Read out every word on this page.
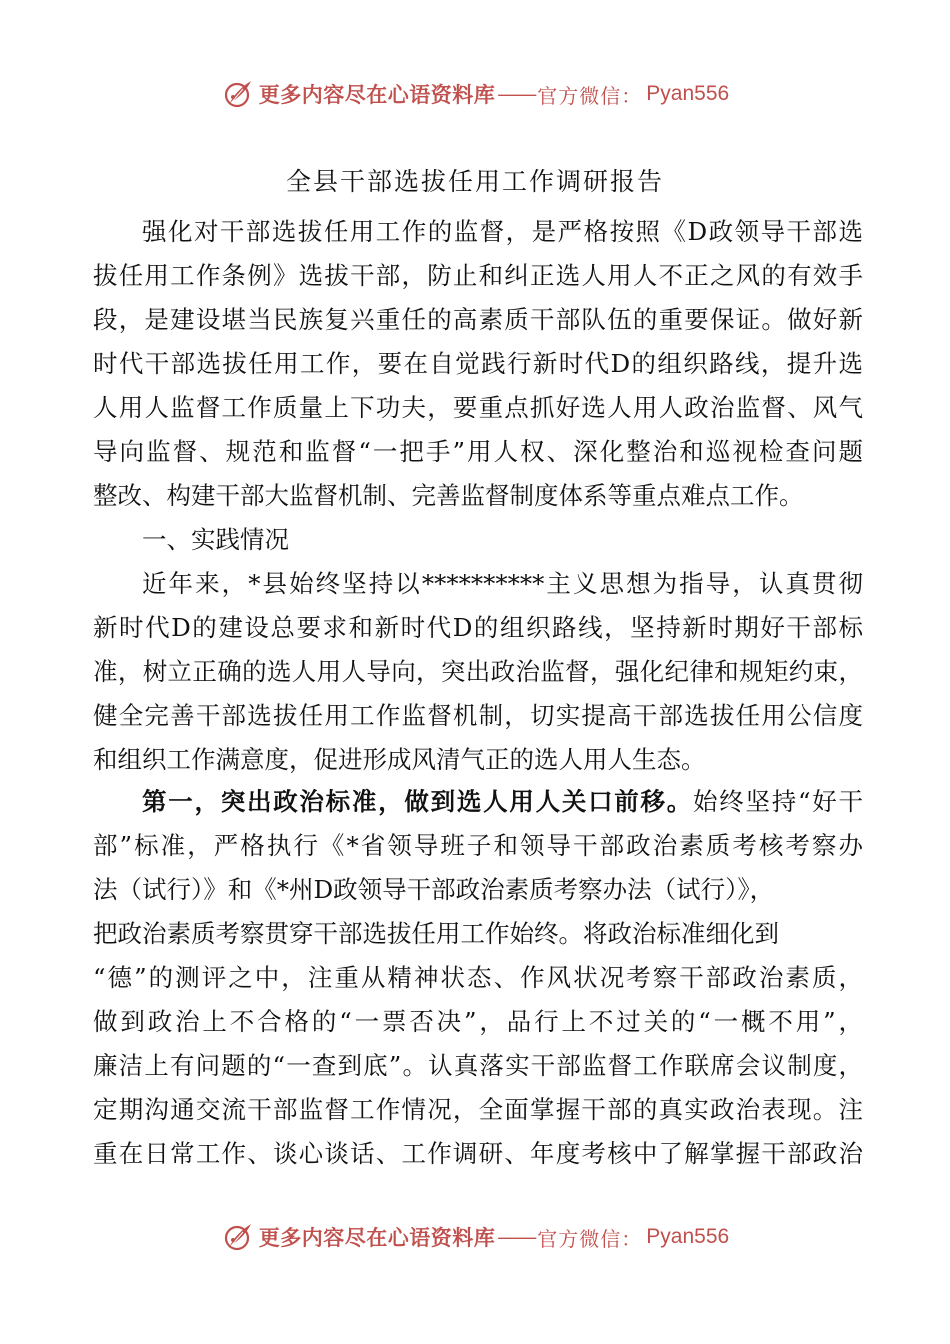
更多内容尽在心语资料库 —— 官方微信： Pyan556
全县干部选拔任用工作调研报告
强化对干部选拔任用工作的监督，是严格按照《D政领导干部选
拔任用工作条例》选拔干部，防止和纠正选人用人不正之风的有效手
段，是建设堪当民族复兴重任的高素质干部队伍的重要保证。做好新
时代干部选拔任用工作，要在自觉践行新时代D的组织路线，提升选
人用人监督工作质量上下功夫，要重点抓好选人用人政治监督、风气
导向监督、规范和监督“一把手”用人权、深化整治和巡视检查问题
整改、构建干部大监督机制、完善监督制度体系等重点难点工作。
一、实践情况
近年来，*县始终坚持以**********主义思想为指导，认真贯彻
新时代D的建设总要求和新时代D的组织路线，坚持新时期好干部标
准，树立正确的选人用人导向，突出政治监督，强化纪律和规矩约束，
健全完善干部选拔任用工作监督机制，切实提高干部选拔任用公信度
和组织工作满意度，促进形成风清气正的选人用人生态。
第一，突出政治标准，做到选人用人关口前移。始终坚持“好干
部”标准，严格执行《*省领导班子和领导干部政治素质考核考察办
法（试行）》和《*州D政领导干部政治素质考察办法（试行）》，
把政治素质考察贯穿干部选拔任用工作始终。将政治标准细化到
“德”的测评之中，注重从精神状态、作风状况考察干部政治素质，
做到政治上不合格的“一票否决”，品行上不过关的“一概不用”，
廉洁上有问题的“一查到底”。认真落实干部监督工作联席会议制度，
定期沟通交流干部监督工作情况，全面掌握干部的真实政治表现。注
重在日常工作、谈心谈话、工作调研、年度考核中了解掌握干部政治
更多内容尽在心语资料库 —— 官方微信： Pyan556
